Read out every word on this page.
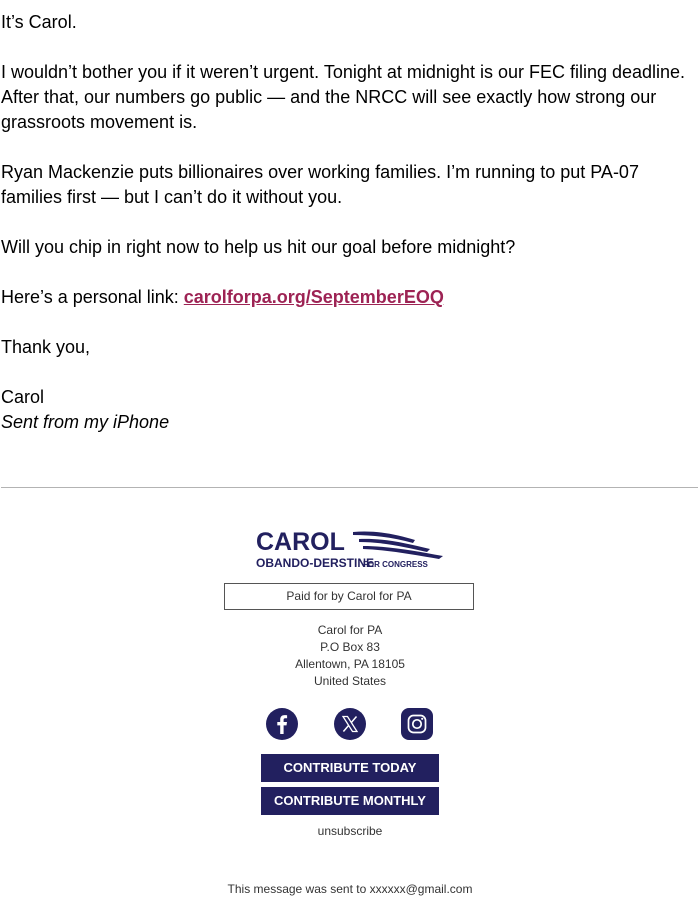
It’s Carol.

I wouldn’t bother you if it weren’t urgent. Tonight at midnight is our FEC filing deadline. After that, our numbers go public — and the NRCC will see exactly how strong our grassroots movement is.

Ryan Mackenzie puts billionaires over working families. I’m running to put PA-07 families first — but I can’t do it without you.

Will you chip in right now to help us hit our goal before midnight?

Here’s a personal link: carolforpa.org/SeptemberEOQ

Thank you,

Carol

Sent from my iPhone

CAROL
OBANDO-DERSTINE
FOR CONGRESS
Paid for by Carol for PA
Carol for PA
P.O Box 83
Allentown, PA 18105
United States
CONTRIBUTE TODAY
CONTRIBUTE MONTHLY
unsubscribe
This message was sent to xxxxxx@gmail.com
